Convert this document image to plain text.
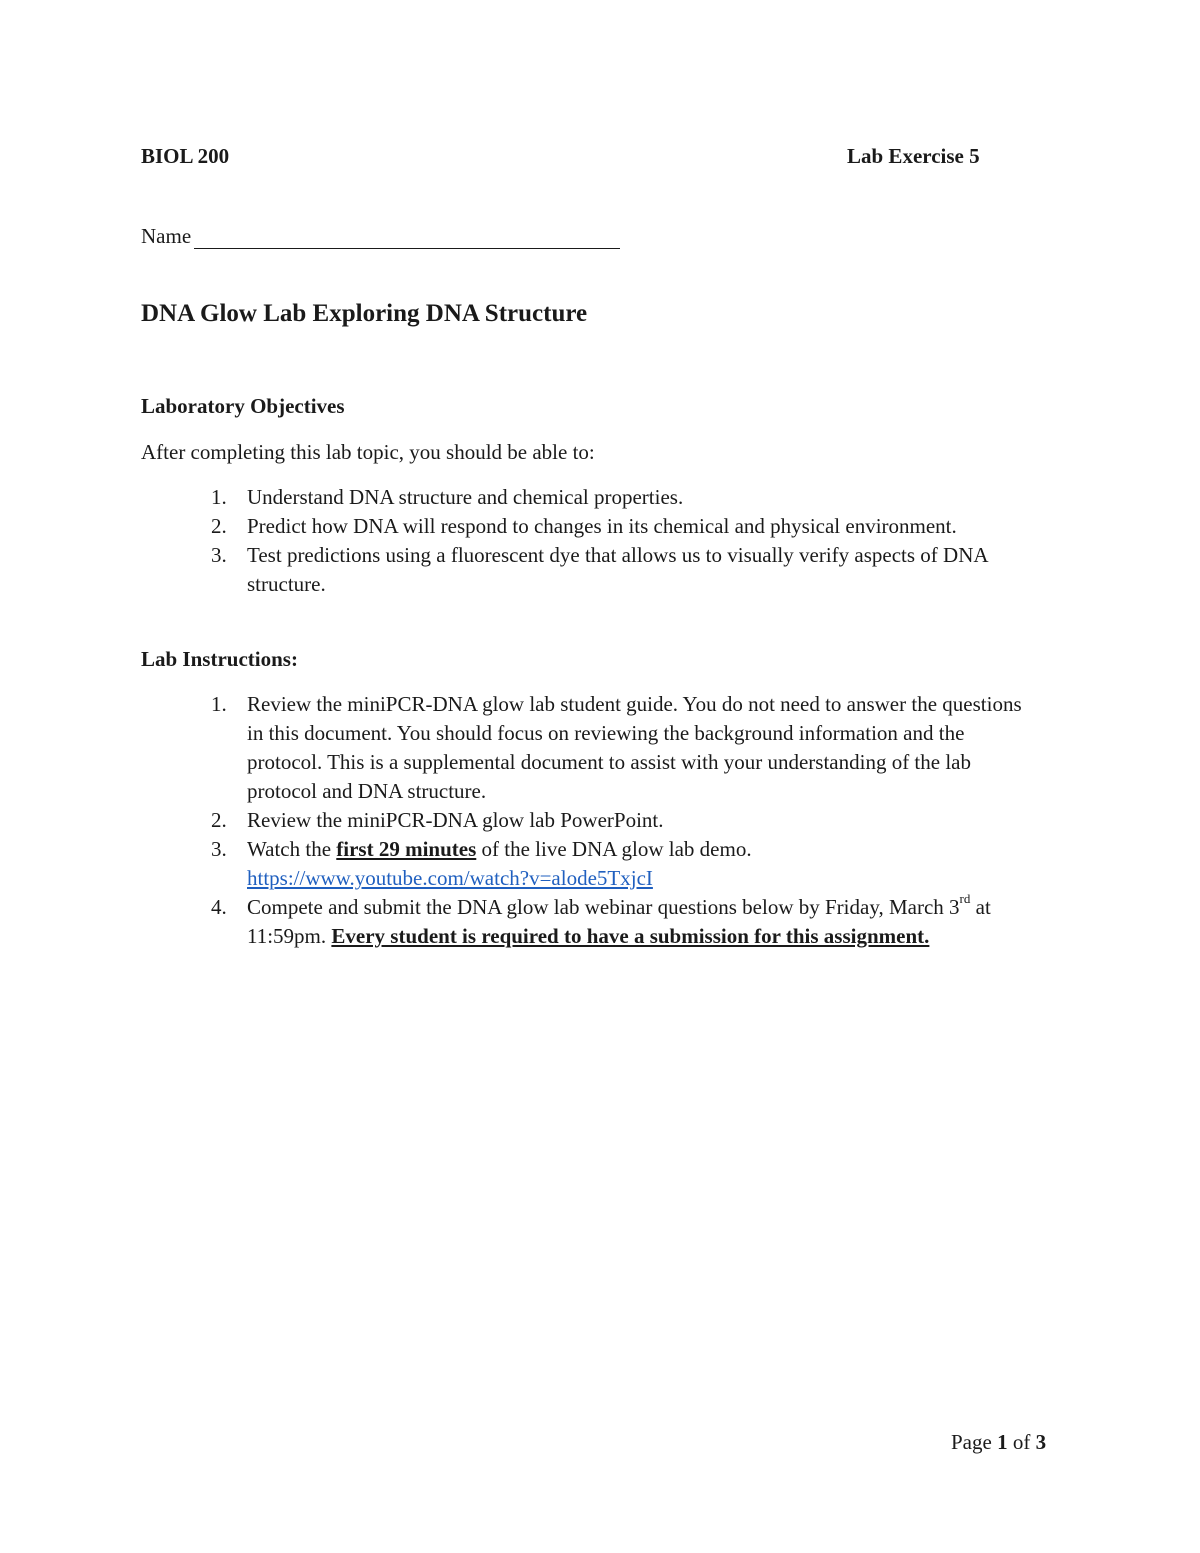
BIOL 200	Lab Exercise 5
Name
DNA Glow Lab Exploring DNA Structure
Laboratory Objectives
After completing this lab topic, you should be able to:
1. Understand DNA structure and chemical properties.
2. Predict how DNA will respond to changes in its chemical and physical environment.
3. Test predictions using a fluorescent dye that allows us to visually verify aspects of DNA structure.
Lab Instructions:
1. Review the miniPCR-DNA glow lab student guide. You do not need to answer the questions in this document. You should focus on reviewing the background information and the protocol. This is a supplemental document to assist with your understanding of the lab protocol and DNA structure.
2. Review the miniPCR-DNA glow lab PowerPoint.
3. Watch the first 29 minutes of the live DNA glow lab demo.
https://www.youtube.com/watch?v=alode5TxjcI
4. Compete and submit the DNA glow lab webinar questions below by Friday, March 3rd at 11:59pm. Every student is required to have a submission for this assignment.
Page 1 of 3
